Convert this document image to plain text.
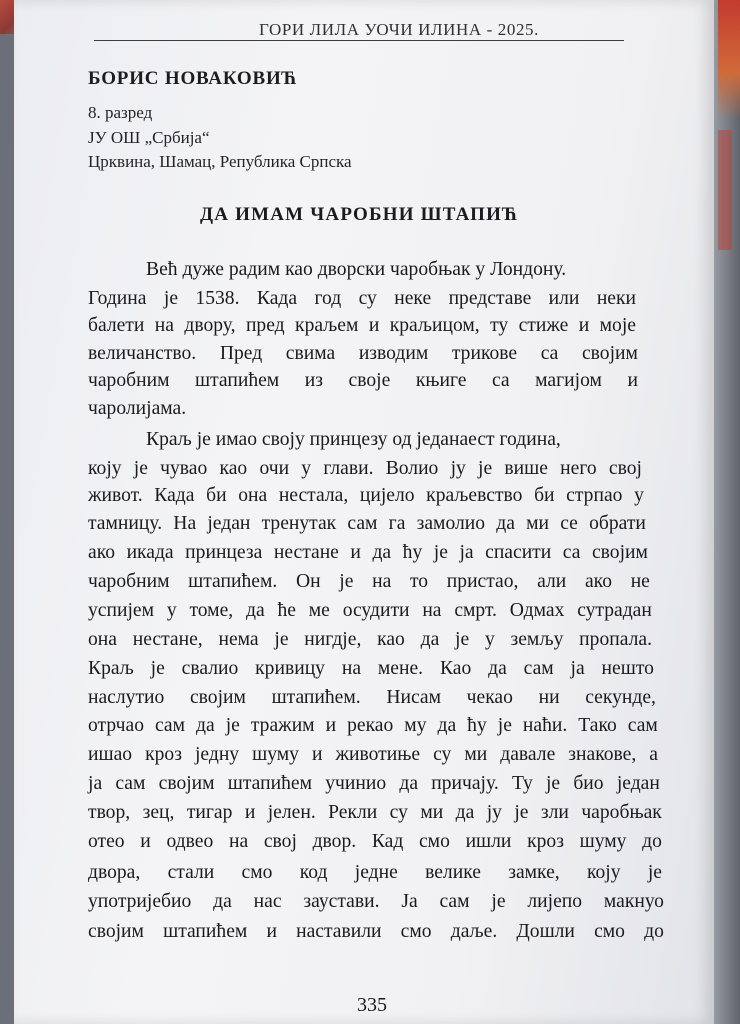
ГОРИ ЛИЛА УОЧИ ИЛИНА - 2025.
БОРИС НОВАКОВИЋ
8. разред
ЈУ ОШ „Србија“
Црквина, Шамац, Република Српска
ДА ИМАМ ЧАРОБНИ ШТАПИЋ
Већ дуже радим као дворски чаробњак у Лондону.
Година је 1538. Када год су неке представе или неки
балети на двору, пред краљем и краљицом, ту стиже и моје
величанство. Пред свима изводим трикове са својим
чаробним штапићем из своје књиге са магијом и
чаролијама.
Краљ је имао своју принцезу од једанаест година,
коју је чувао као очи у глави. Волио ју је више него свој
живот. Када би она нестала, цијело краљевство би стрпао у
тамницу. На један тренутак сам га замолио да ми се обрати
ако икада принцеза нестане и да ћу је ја спасити са својим
чаробним штапићем. Он је на то пристао, али ако не
успијем у томе, да ће ме осудити на смрт. Одмах сутрадан
она нестане, нема је нигдје, као да је у земљу пропала.
Краљ је свалио кривицу на мене. Као да сам ја нешто
наслутио својим штапићем. Нисам чекао ни секунде,
отрчао сам да је тражим и рекао му да ћу је наћи. Тако сам
ишао кроз једну шуму и животиње су ми давале знакове, а
ја сам својим штапићем учинио да причају. Ту је био један
твор, зец, тигар и јелен. Рекли су ми да ју је зли чаробњак
отео и одвео на свој двор. Кад смо ишли кроз шуму до
двора, стали смо код једне велике замке, коју је
употријебио да нас заустави. Ја сам је лијепо макнуо
својим штапићем и наставили смо даље. Дошли смо до
335
